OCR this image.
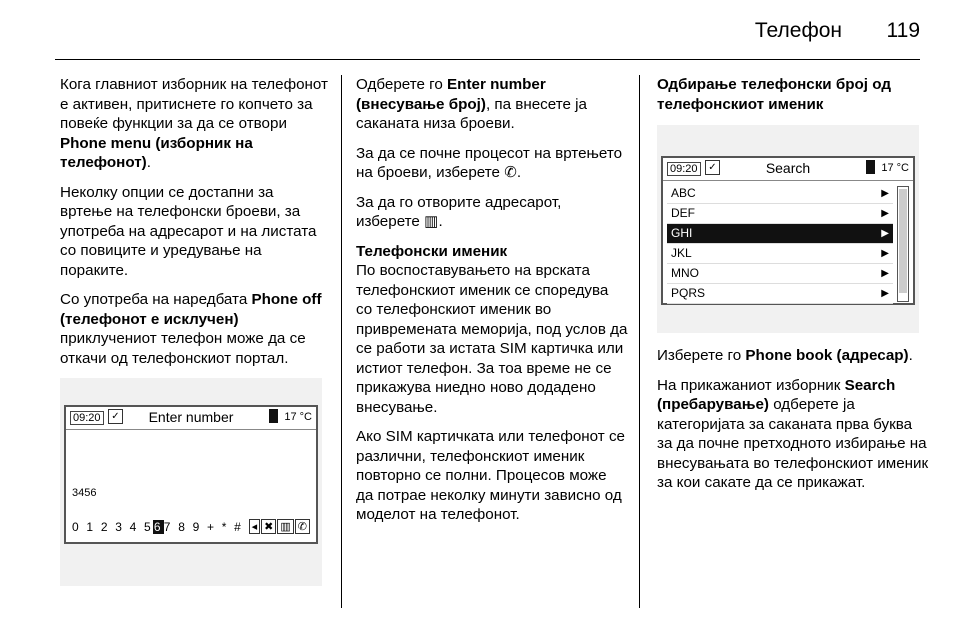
Телефон 119

Кога главниот изборник на телефонот е активен, притиснете го копчето за повеќе функции за да се отвори Phone menu (изборник на телефонот).

Неколку опции се достапни за вртење на телефонски броеви, за употреба на адресарот и на листата со повиците и уредување на пораките.

Со употреба на наредбата Phone off (телефонот е исклучен) приклучениот телефон може да се откачи од телефонскиот портал.

09:20	✓	Enter number	17 °C
3456
0 1 2 3 4 567 8 9 + * # ◂ ✖ ▥ ✆

Одберете го Enter number (внесување број), па внесете ја саканата низа броеви.

За да се почне процесот на вртењето на броеви, изберете ✆.

За да го отворите адресарот, изберете ▥.

Телефонски именик

По воспоставувањето на врската телефонскиот именик се споредува со телефонскиот именик во привремената меморија, под услов да се работи за истата SIM картичка или истиот телефон. За тоа време не се прикажува ниедно ново додадено внесување.

Ако SIM картичката или телефонот се различни, телефонскиот именик повторно се полни. Процесов може да потрае неколку минути зависно од моделот на телефонот.

Одбирање телефонски број од телефонскиот именик

09:20	✓	Search	17 °C
ABC	▶
DEF	▶
GHI	▶
JKL	▶
MNO	▶
PQRS	▶

Изберете го Phone book (адресар).

На прикажаниот изборник Search (пребарување) одберете ја категоријата за саканата прва буква за да почне претходното избирање на внесувањата во телефонскиот именик за кои сакате да се прикажат.
